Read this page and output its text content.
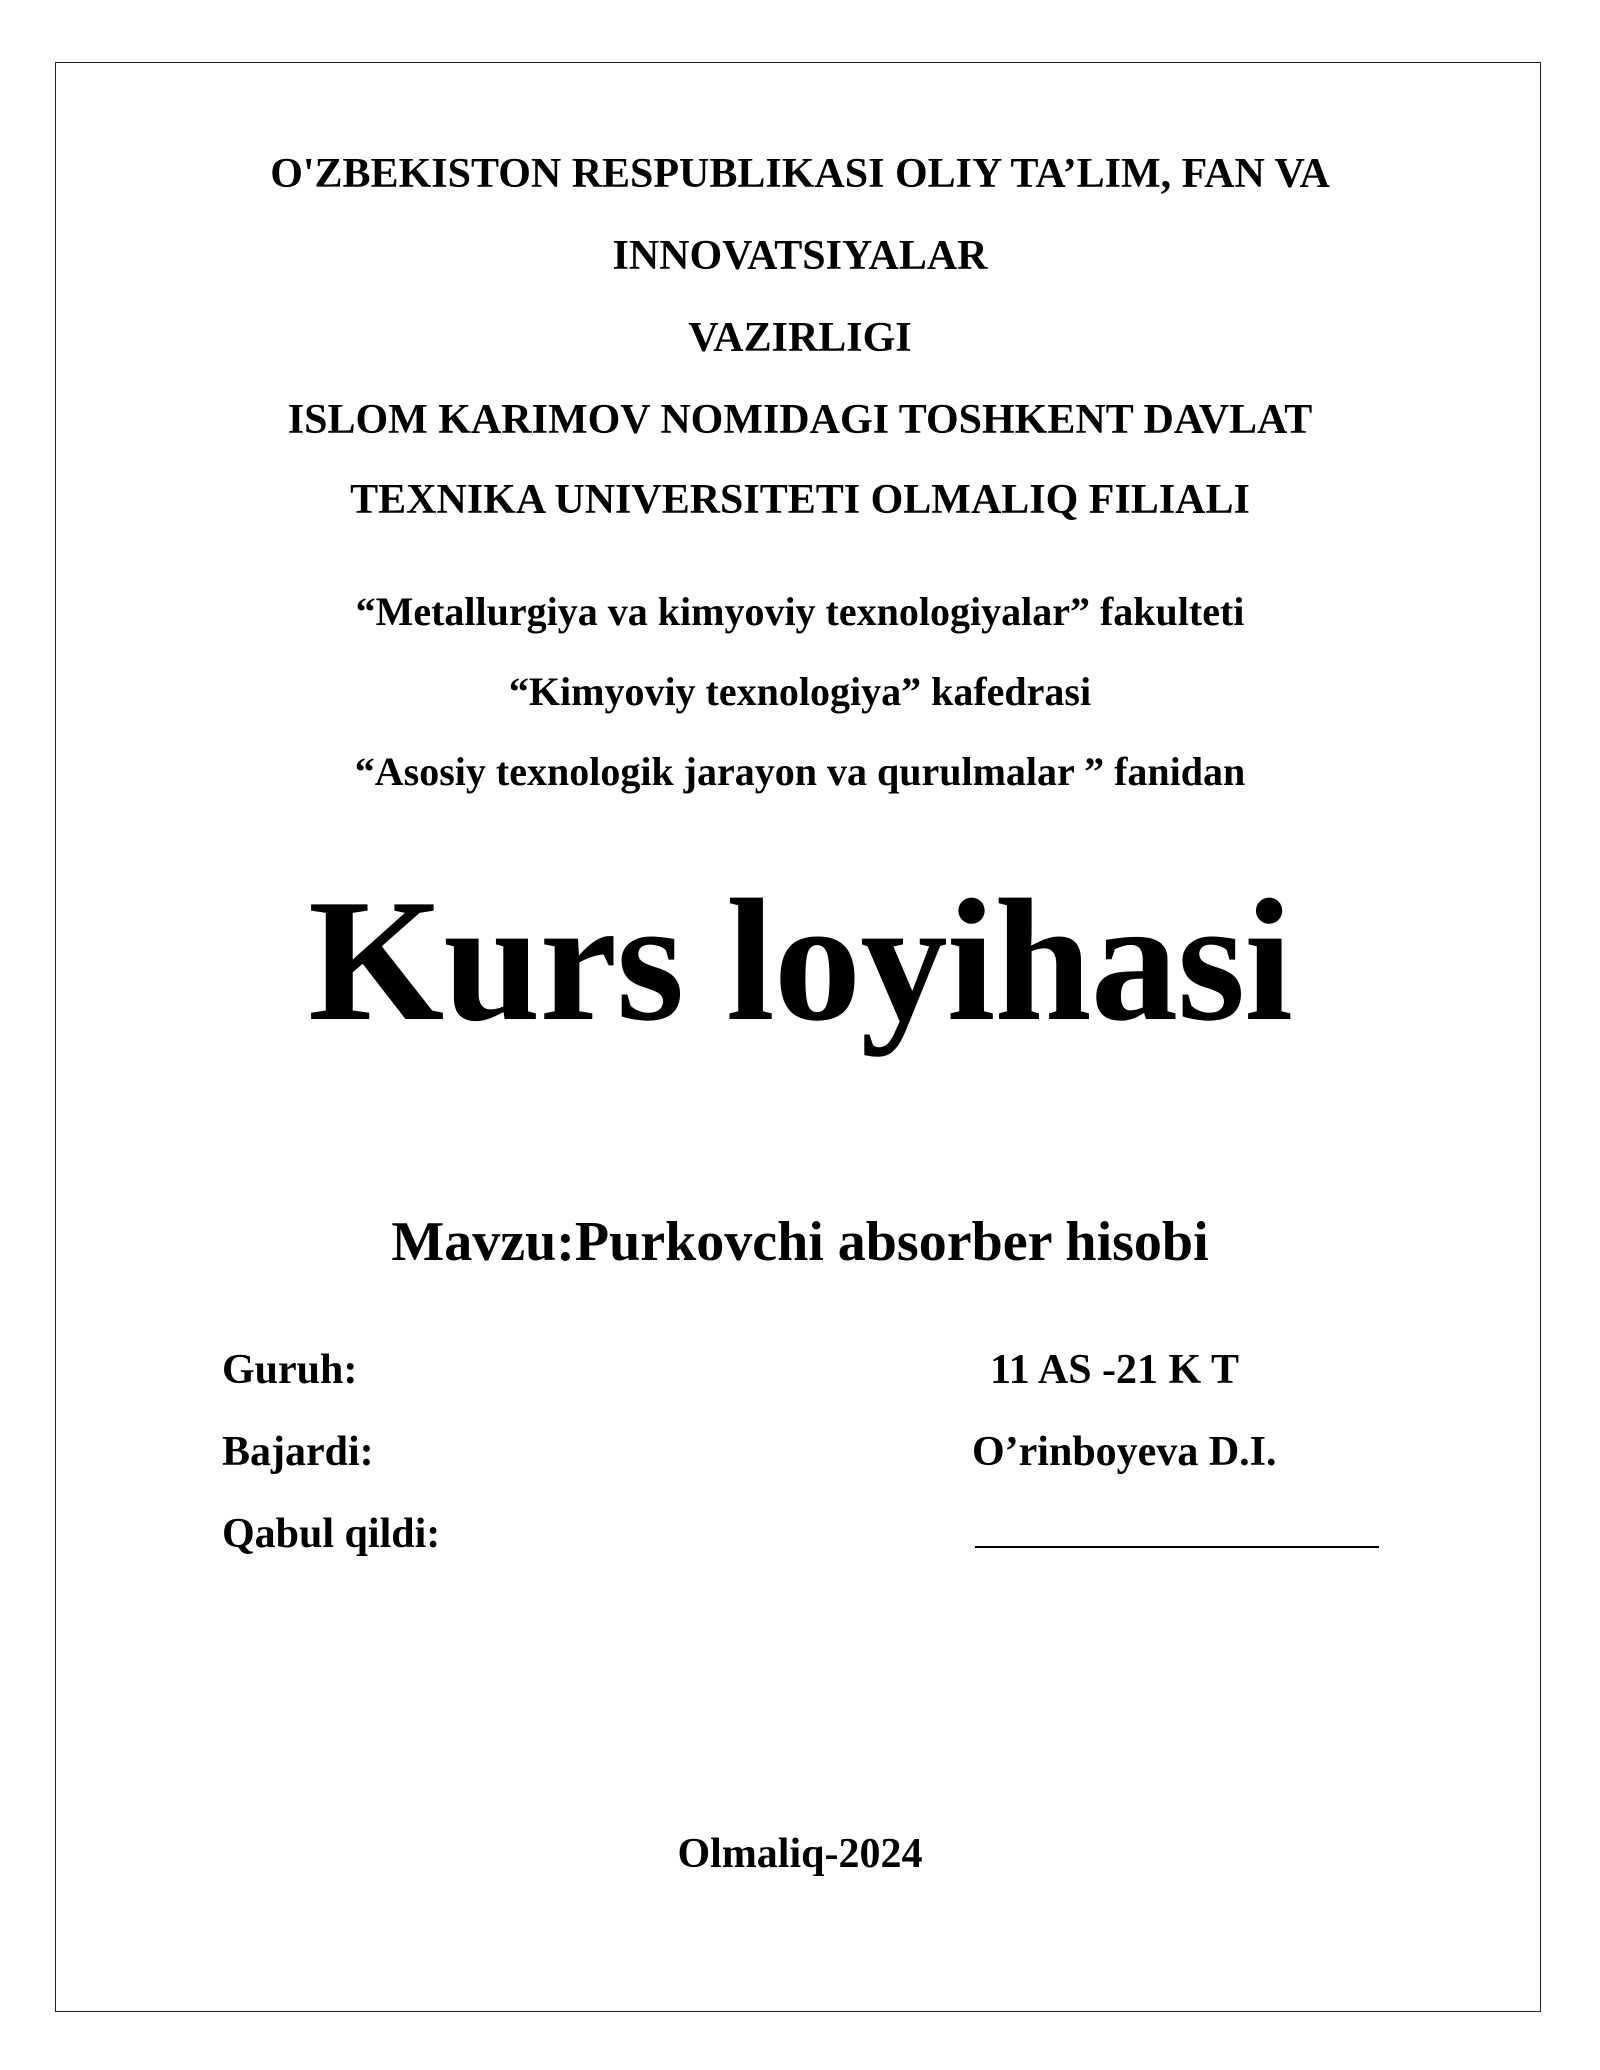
O'ZBEKISTON RESPUBLIKASI OLIY TA’LIM, FAN VA
INNOVATSIYALAR
VAZIRLIGI
ISLOM KARIMOV NOMIDAGI TOSHKENT DAVLAT
TEXNIKA UNIVERSITETI OLMALIQ FILIALI
“Metallurgiya va kimyoviy texnologiyalar” fakulteti
“Kimyoviy texnologiya” kafedrasi
“Asosiy texnologik jarayon va qurulmalar ” fanidan
Kurs loyihasi
Mavzu:Purkovchi absorber hisobi
Guruh:	11 AS -21 K T
Bajardi:	O’rinboyeva D.I.
Qabul qildi:
Olmaliq-2024
